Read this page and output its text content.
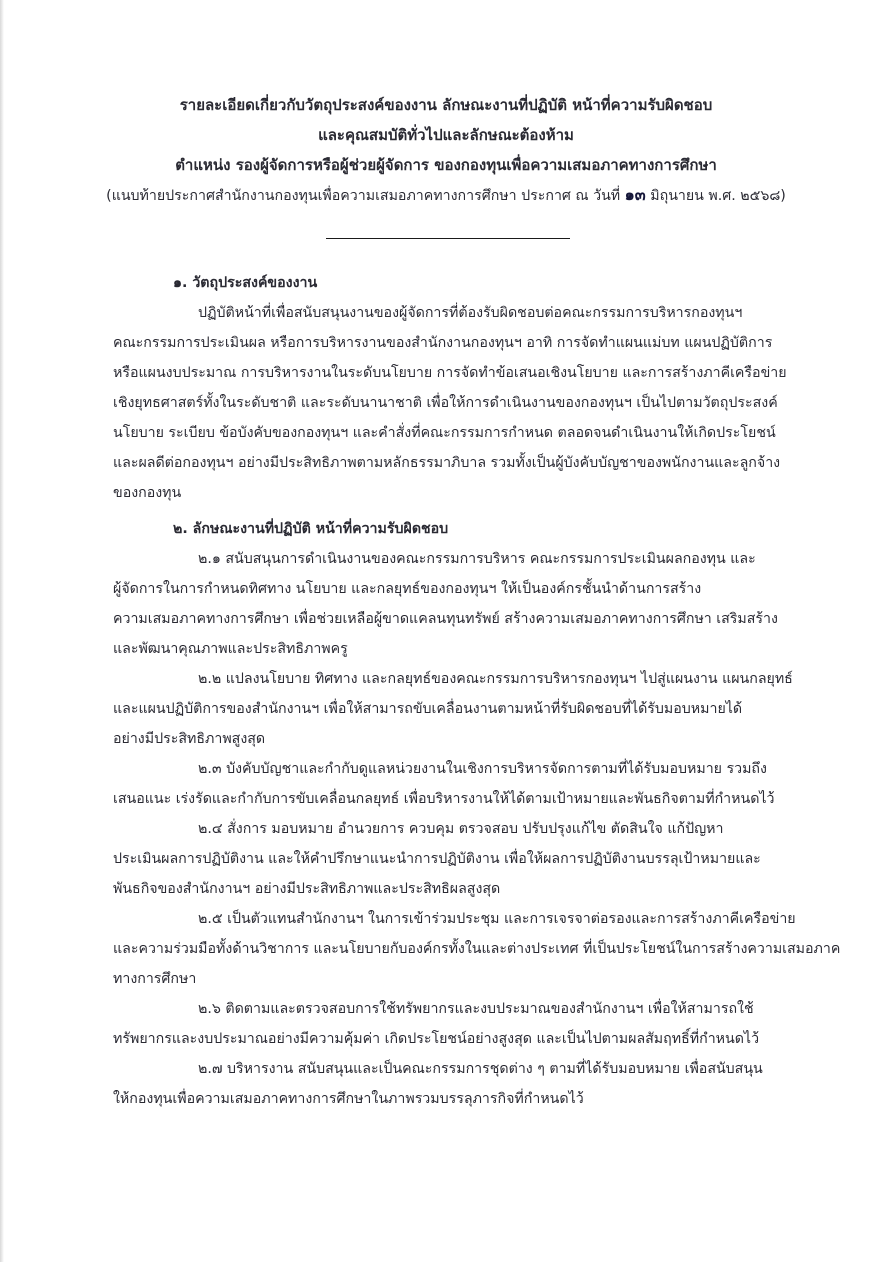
รายละเอียดเกี่ยวกับวัตถุประสงค์ของงาน ลักษณะงานที่ปฏิบัติ หน้าที่ความรับผิดชอบ
และคุณสมบัติทั่วไปและลักษณะต้องห้าม
ตำแหน่ง รองผู้จัดการหรือผู้ช่วยผู้จัดการ ของกองทุนเพื่อความเสมอภาคทางการศึกษา
(แนบท้ายประกาศสำนักงานกองทุนเพื่อความเสมอภาคทางการศึกษา ประกาศ ณ วันที่ ๑๓ มิถุนายน พ.ศ. ๒๕๖๘)
๑. วัตถุประสงค์ของงาน
ปฏิบัติหน้าที่เพื่อสนับสนุนงานของผู้จัดการที่ต้องรับผิดชอบต่อคณะกรรมการบริหารกองทุนฯ
คณะกรรมการประเมินผล หรือการบริหารงานของสำนักงานกองทุนฯ อาทิ การจัดทำแผนแม่บท แผนปฏิบัติการ
หรือแผนงบประมาณ การบริหารงานในระดับนโยบาย การจัดทำข้อเสนอเชิงนโยบาย และการสร้างภาคีเครือข่าย
เชิงยุทธศาสตร์ทั้งในระดับชาติ และระดับนานาชาติ เพื่อให้การดำเนินงานของกองทุนฯ เป็นไปตามวัตถุประสงค์
นโยบาย ระเบียบ ข้อบังคับของกองทุนฯ และคำสั่งที่คณะกรรมการกำหนด ตลอดจนดำเนินงานให้เกิดประโยชน์
และผลดีต่อกองทุนฯ อย่างมีประสิทธิภาพตามหลักธรรมาภิบาล รวมทั้งเป็นผู้บังคับบัญชาของพนักงานและลูกจ้าง
ของกองทุน
๒. ลักษณะงานที่ปฏิบัติ หน้าที่ความรับผิดชอบ
๒.๑ สนับสนุนการดำเนินงานของคณะกรรมการบริหาร คณะกรรมการประเมินผลกองทุน และ
ผู้จัดการในการกำหนดทิศทาง นโยบาย และกลยุทธ์ของกองทุนฯ ให้เป็นองค์กรชั้นนำด้านการสร้าง
ความเสมอภาคทางการศึกษา เพื่อช่วยเหลือผู้ขาดแคลนทุนทรัพย์ สร้างความเสมอภาคทางการศึกษา เสริมสร้าง
และพัฒนาคุณภาพและประสิทธิภาพครู
๒.๒ แปลงนโยบาย ทิศทาง และกลยุทธ์ของคณะกรรมการบริหารกองทุนฯ ไปสู่แผนงาน แผนกลยุทธ์
และแผนปฏิบัติการของสำนักงานฯ เพื่อให้สามารถขับเคลื่อนงานตามหน้าที่รับผิดชอบที่ได้รับมอบหมายได้
อย่างมีประสิทธิภาพสูงสุด
๒.๓ บังคับบัญชาและกำกับดูแลหน่วยงานในเชิงการบริหารจัดการตามที่ได้รับมอบหมาย รวมถึง
เสนอแนะ เร่งรัดและกำกับการขับเคลื่อนกลยุทธ์ เพื่อบริหารงานให้ได้ตามเป้าหมายและพันธกิจตามที่กำหนดไว้
๒.๔ สั่งการ มอบหมาย อำนวยการ ควบคุม ตรวจสอบ ปรับปรุงแก้ไข ตัดสินใจ แก้ปัญหา
ประเมินผลการปฏิบัติงาน และให้คำปรึกษาแนะนำการปฏิบัติงาน เพื่อให้ผลการปฏิบัติงานบรรลุเป้าหมายและ
พันธกิจของสำนักงานฯ อย่างมีประสิทธิภาพและประสิทธิผลสูงสุด
๒.๕ เป็นตัวแทนสำนักงานฯ ในการเข้าร่วมประชุม และการเจรจาต่อรองและการสร้างภาคีเครือข่าย
และความร่วมมือทั้งด้านวิชาการ และนโยบายกับองค์กรทั้งในและต่างประเทศ ที่เป็นประโยชน์ในการสร้างความเสมอภาค
ทางการศึกษา
๒.๖ ติดตามและตรวจสอบการใช้ทรัพยากรและงบประมาณของสำนักงานฯ เพื่อให้สามารถใช้
ทรัพยากรและงบประมาณอย่างมีความคุ้มค่า เกิดประโยชน์อย่างสูงสุด และเป็นไปตามผลสัมฤทธิ์ที่กำหนดไว้
๒.๗ บริหารงาน สนับสนุนและเป็นคณะกรรมการชุดต่าง ๆ ตามที่ได้รับมอบหมาย เพื่อสนับสนุน
ให้กองทุนเพื่อความเสมอภาคทางการศึกษาในภาพรวมบรรลุภารกิจที่กำหนดไว้
